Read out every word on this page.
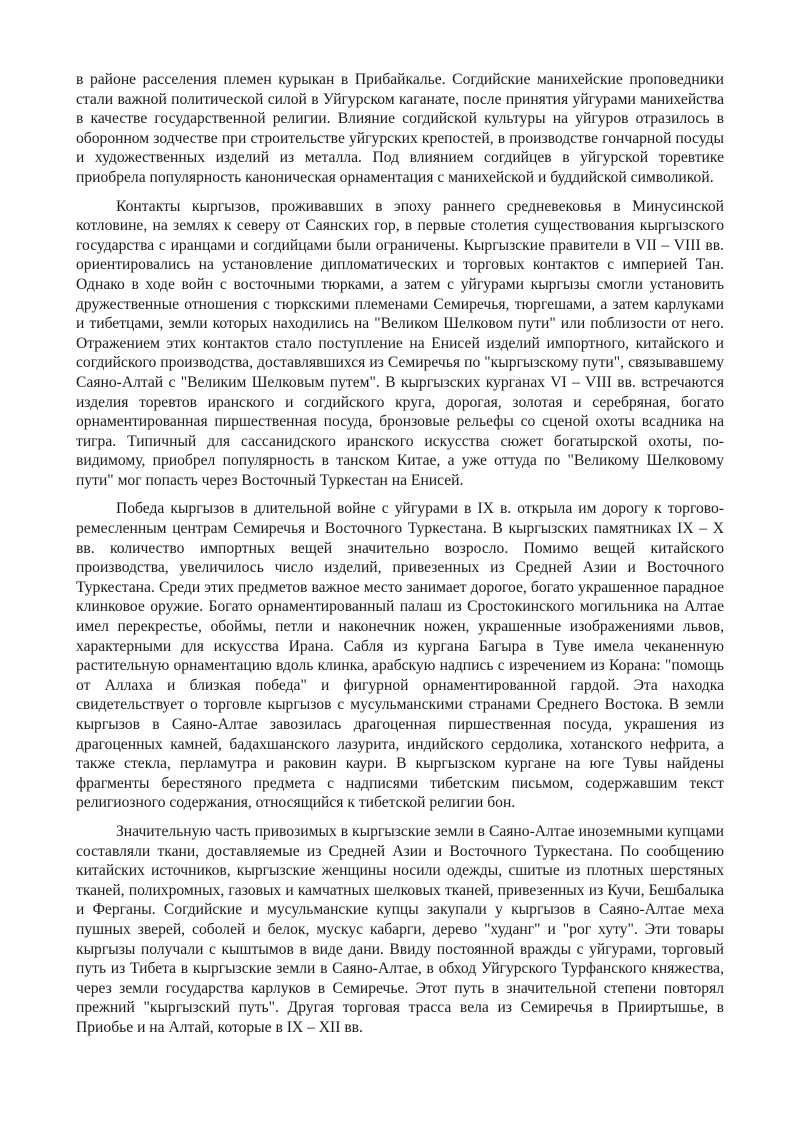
в районе расселения племен курыкан в Прибайкалье. Согдийские манихейские проповедники стали важной политической силой в Уйгурском каганате, после принятия уйгурами манихейства в качестве государственной религии. Влияние согдийской культуры на уйгуров отразилось в оборонном зодчестве при строительстве уйгурских крепостей, в производстве гончарной посуды и художественных изделий из металла. Под влиянием согдийцев в уйгурской торевтике приобрела популярность каноническая орнаментация с манихейской и буддийской символикой.

Контакты кыргызов, проживавших в эпоху раннего средневековья в Минусинской котловине, на землях к северу от Саянских гор, в первые столетия существования кыргызского государства с иранцами и согдийцами были ограничены. Кыргызские правители в VII – VIII вв. ориентировались на установление дипломатических и торговых контактов с империей Тан. Однако в ходе войн с восточными тюрками, а затем с уйгурами кыргызы смогли установить дружественные отношения с тюркскими племенами Семиречья, тюргешами, а затем карлуками и тибетцами, земли которых находились на "Великом Шелковом пути" или поблизости от него. Отражением этих контактов стало поступление на Енисей изделий импортного, китайского и согдийского производства, доставлявшихся из Семиречья по "кыргызскому пути", связывавшему Саяно-Алтай с "Великим Шелковым путем". В кыргызских курганах VI – VIII вв. встречаются изделия торевтов иранского и согдийского круга, дорогая, золотая и серебряная, богато орнаментированная пиршественная посуда, бронзовые рельефы со сценой охоты всадника на тигра. Типичный для сассанидского иранского искусства сюжет богатырской охоты, по-видимому, приобрел популярность в танском Китае, а уже оттуда по "Великому Шелковому пути" мог попасть через Восточный Туркестан на Енисей.

Победа кыргызов в длительной войне с уйгурами в IX в. открыла им дорогу к торгово-ремесленным центрам Семиречья и Восточного Туркестана. В кыргызских памятниках IX – X вв. количество импортных вещей значительно возросло. Помимо вещей китайского производства, увеличилось число изделий, привезенных из Средней Азии и Восточного Туркестана. Среди этих предметов важное место занимает дорогое, богато украшенное парадное клинковое оружие. Богато орнаментированный палаш из Сростокинского могильника на Алтае имел перекрестье, обоймы, петли и наконечник ножен, украшенные изображениями львов, характерными для искусства Ирана. Сабля из кургана Багыра в Туве имела чеканенную растительную орнаментацию вдоль клинка, арабскую надпись с изречением из Корана: "помощь от Аллаха и близкая победа" и фигурной орнаментированной гардой. Эта находка свидетельствует о торговле кыргызов с мусульманскими странами Среднего Востока. В земли кыргызов в Саяно-Алтае завозилась драгоценная пиршественная посуда, украшения из драгоценных камней, бадахшанского лазурита, индийского сердолика, хотанского нефрита, а также стекла, перламутра и раковин каури. В кыргызском кургане на юге Тувы найдены фрагменты берестяного предмета с надписями тибетским письмом, содержавшим текст религиозного содержания, относящийся к тибетской религии бон.

Значительную часть привозимых в кыргызские земли в Саяно-Алтае иноземными купцами составляли ткани, доставляемые из Средней Азии и Восточного Туркестана. По сообщению китайских источников, кыргызские женщины носили одежды, сшитые из плотных шерстяных тканей, полихромных, газовых и камчатных шелковых тканей, привезенных из Кучи, Бешбалыка и Ферганы. Согдийские и мусульманские купцы закупали у кыргызов в Саяно-Алтае меха пушных зверей, соболей и белок, мускус кабарги, дерево "худанг" и "рог хуту". Эти товары кыргызы получали с кыштымов в виде дани. Ввиду постоянной вражды с уйгурами, торговый путь из Тибета в кыргызские земли в Саяно-Алтае, в обход Уйгурского Турфанского княжества, через земли государства карлуков в Семиречье. Этот путь в значительной степени повторял прежний "кыргызский путь". Другая торговая трасса вела из Семиречья в Прииртышье, в Приобье и на Алтай, которые в IX – XII вв.
